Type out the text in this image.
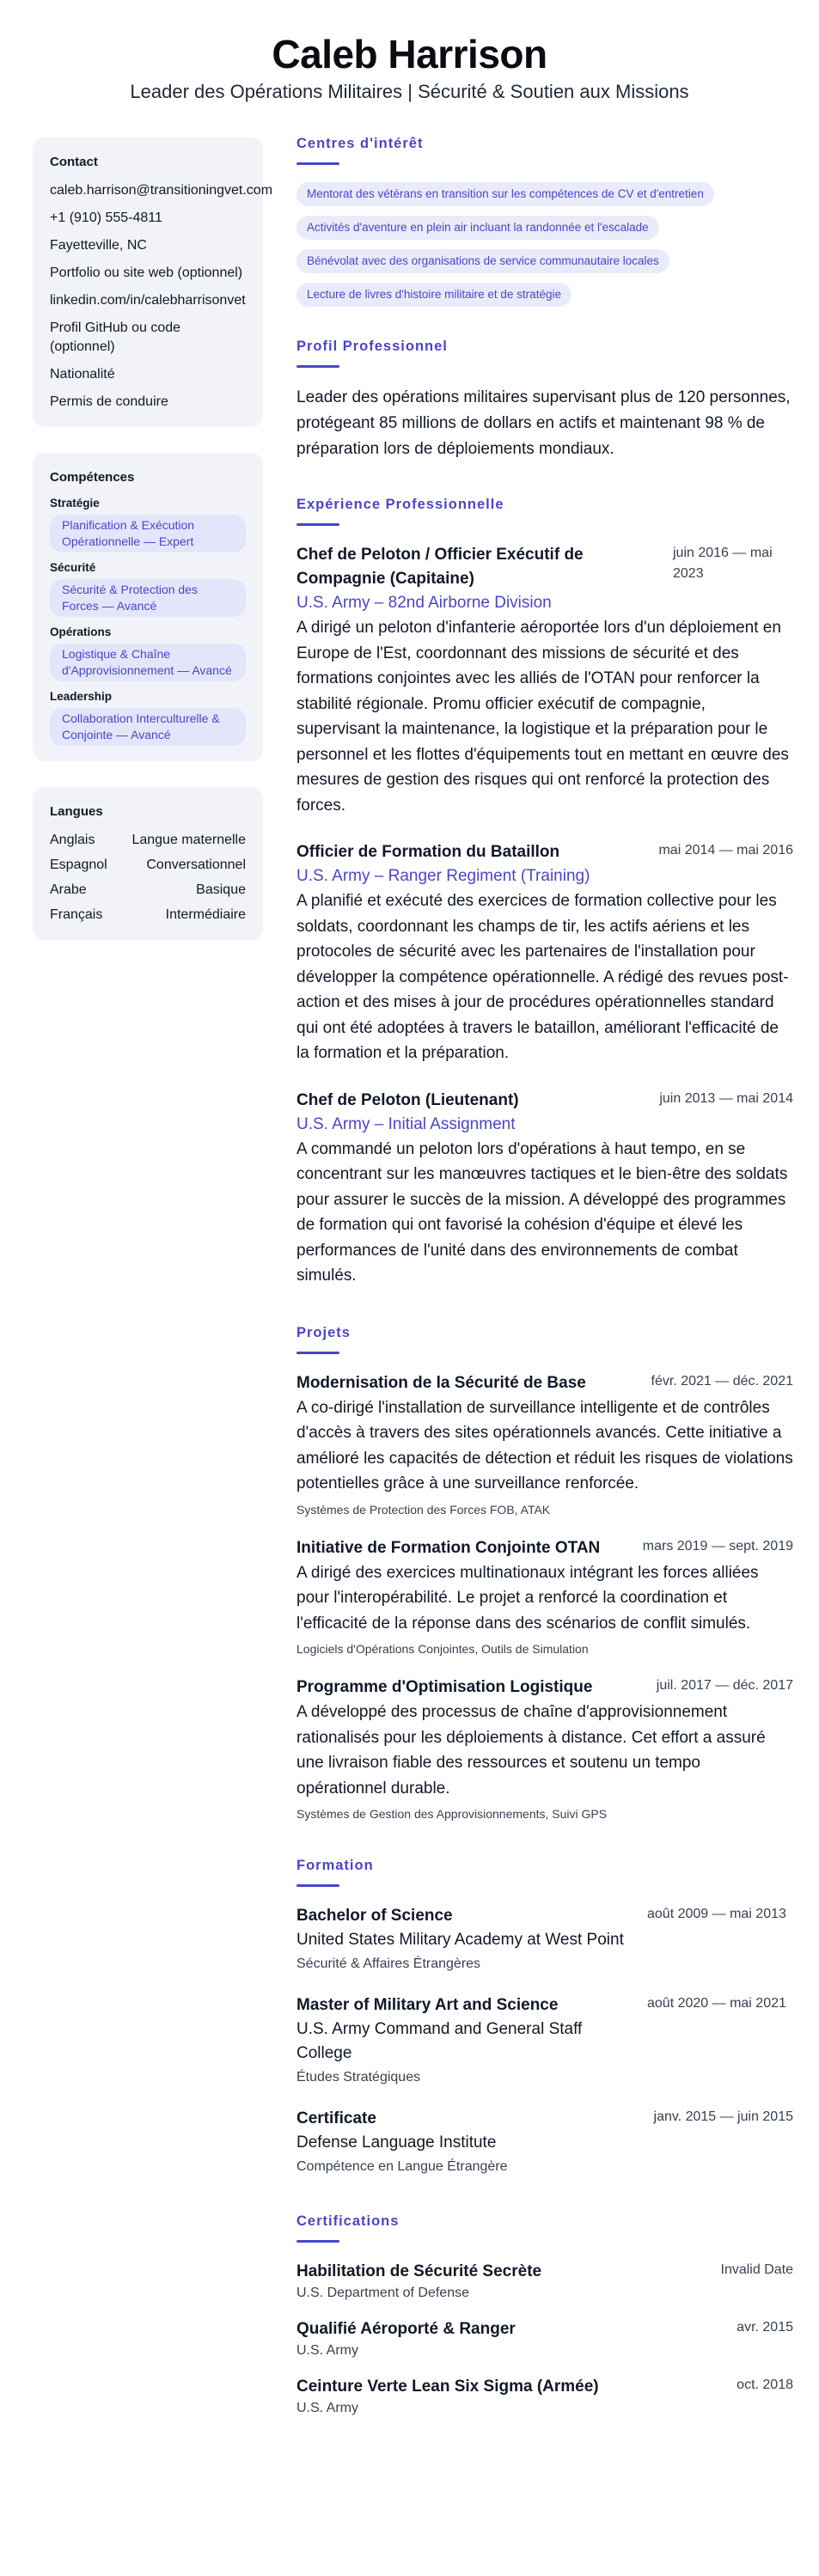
Caleb Harrison
Leader des Opérations Militaires | Sécurité & Soutien aux Missions
Contact
caleb.harrison@transitioningvet.com
+1 (910) 555-4811
Fayetteville, NC
Portfolio ou site web (optionnel)
linkedin.com/in/calebharrisonvet
Profil GitHub ou code (optionnel)
Nationalité
Permis de conduire
Compétences
Stratégie
Planification & Exécution Opérationnelle — Expert
Sécurité
Sécurité & Protection des Forces — Avancé
Opérations
Logistique & Chaîne d'Approvisionnement — Avancé
Leadership
Collaboration Interculturelle & Conjointe — Avancé
Langues
Anglais	Langue maternelle
Espagnol	Conversationnel
Arabe	Basique
Français	Intermédiaire
Centres d'intérêt
Mentorat des vétérans en transition sur les compétences de CV et d'entretien
Activités d'aventure en plein air incluant la randonnée et l'escalade
Bénévolat avec des organisations de service communautaire locales
Lecture de livres d'histoire militaire et de stratégie
Profil Professionnel
Leader des opérations militaires supervisant plus de 120 personnes, protégeant 85 millions de dollars en actifs et maintenant 98 % de préparation lors de déploiements mondiaux.
Expérience Professionnelle
Chef de Peloton / Officier Exécutif de Compagnie (Capitaine)
juin 2016 — mai 2023
U.S. Army – 82nd Airborne Division
A dirigé un peloton d'infanterie aéroportée lors d'un déploiement en Europe de l'Est, coordonnant des missions de sécurité et des formations conjointes avec les alliés de l'OTAN pour renforcer la stabilité régionale. Promu officier exécutif de compagnie, supervisant la maintenance, la logistique et la préparation pour le personnel et les flottes d'équipements tout en mettant en œuvre des mesures de gestion des risques qui ont renforcé la protection des forces.
Officier de Formation du Bataillon	mai 2014 — mai 2016
U.S. Army – Ranger Regiment (Training)
A planifié et exécuté des exercices de formation collective pour les soldats, coordonnant les champs de tir, les actifs aériens et les protocoles de sécurité avec les partenaires de l'installation pour développer la compétence opérationnelle. A rédigé des revues post-action et des mises à jour de procédures opérationnelles standard qui ont été adoptées à travers le bataillon, améliorant l'efficacité de la formation et la préparation.
Chef de Peloton (Lieutenant)	juin 2013 — mai 2014
U.S. Army – Initial Assignment
A commandé un peloton lors d'opérations à haut tempo, en se concentrant sur les manœuvres tactiques et le bien-être des soldats pour assurer le succès de la mission. A développé des programmes de formation qui ont favorisé la cohésion d'équipe et élevé les performances de l'unité dans des environnements de combat simulés.
Projets
Modernisation de la Sécurité de Base	févr. 2021 — déc. 2021
A co-dirigé l'installation de surveillance intelligente et de contrôles d'accès à travers des sites opérationnels avancés. Cette initiative a amélioré les capacités de détection et réduit les risques de violations potentielles grâce à une surveillance renforcée.
Systèmes de Protection des Forces FOB, ATAK
Initiative de Formation Conjointe OTAN	mars 2019 — sept. 2019
A dirigé des exercices multinationaux intégrant les forces alliées pour l'interopérabilité. Le projet a renforcé la coordination et l'efficacité de la réponse dans des scénarios de conflit simulés.
Logiciels d'Opérations Conjointes, Outils de Simulation
Programme d'Optimisation Logistique	juil. 2017 — déc. 2017
A développé des processus de chaîne d'approvisionnement rationalisés pour les déploiements à distance. Cet effort a assuré une livraison fiable des ressources et soutenu un tempo opérationnel durable.
Systèmes de Gestion des Approvisionnements, Suivi GPS
Formation
Bachelor of Science
United States Military Academy at West Point
août 2009 — mai 2013
Sécurité & Affaires Étrangères
Master of Military Art and Science
U.S. Army Command and General Staff College
août 2020 — mai 2021
Études Stratégiques
Certificate
Defense Language Institute
janv. 2015 — juin 2015
Compétence en Langue Étrangère
Certifications
Habilitation de Sécurité Secrète	Invalid Date
U.S. Department of Defense
Qualifié Aéroporté & Ranger	avr. 2015
U.S. Army
Ceinture Verte Lean Six Sigma (Armée)	oct. 2018
U.S. Army
